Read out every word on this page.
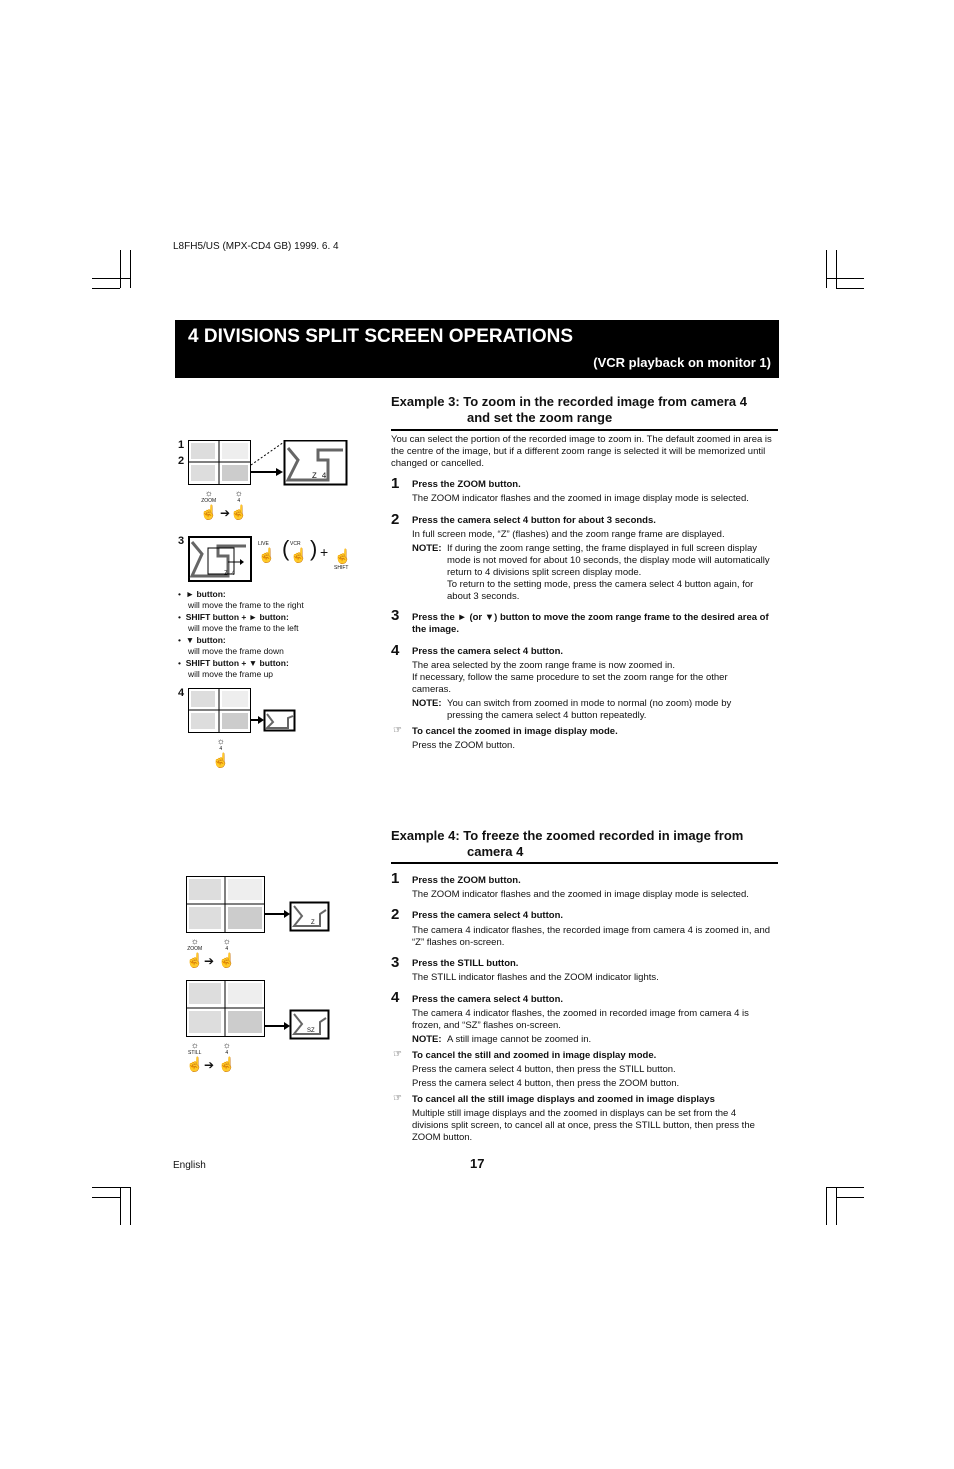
L8FH5/US (MPX-CD4 GB) 1999. 6. 4
4 DIVISIONS SPLIT SCREEN OPERATIONS
(VCR playback on monitor 1)
Example 3: To zoom in the recorded image from camera 4
and set the zoom range
You can select the portion of the recorded image to zoom in. The default zoomed in area is the centre of the image, but if a different zoom range is selected it will be memorized until changed or cancelled.
1 Press the ZOOM button.
The ZOOM indicator flashes and the zoomed in image display mode is selected.
2 Press the camera select 4 button for about 3 seconds.
In full screen mode, “Z” (flashes) and the zoom range frame are displayed.
NOTE: If during the zoom range setting, the frame displayed in full screen display mode is not moved for about 10 seconds, the display mode will automatically return to 4 divisions split screen display mode.
To return to the setting mode, press the camera select 4 button again, for about 3 seconds.
3 Press the ► (or ▼) button to move the zoom range frame to the desired area of the image.
4 Press the camera select 4 button.
The area selected by the zoom range frame is now zoomed in.
If necessary, follow the same procedure to set the zoom range for the other cameras.
NOTE: You can switch from zoomed in mode to normal (no zoom) mode by pressing the camera select 4 button repeatedly.
☞ To cancel the zoomed in image display mode.
Press the ZOOM button.
Example 4: To freeze the zoomed recorded in image from
camera 4
1 Press the ZOOM button.
The ZOOM indicator flashes and the zoomed in image display mode is selected.
2 Press the camera select 4 button.
The camera 4 indicator flashes, the recorded image from camera 4 is zoomed in, and “Z” flashes on-screen.
3 Press the STILL button.
The STILL indicator flashes and the ZOOM indicator lights.
4 Press the camera select 4 button.
The camera 4 indicator flashes, the zoomed in recorded image from camera 4 is frozen, and “SZ” flashes on-screen.
NOTE: A still image cannot be zoomed in.
☞ To cancel the still and zoomed in image display mode.
Press the camera select 4 button, then press the STILL button.
Press the camera select 4 button, then press the ZOOM button.
☞ To cancel all the still image displays and zoomed in image displays
Multiple still image displays and the zoomed in displays can be set from the 4 divisions split screen, to cancel all at once, press the STILL button, then press the ZOOM button.
1
2
Z 4
☼
ZOOM
☝ ➔
☼
4
☝
3
Z 4
LIVE
☝ ( VCR
☝ ) + ☝
SHIFT
•  ► button:
will move the frame to the right
•  SHIFT button + ► button:
will move the frame to the left
•  ▼ button:
will move the frame down
•  SHIFT button + ▼ button:
will move the frame up
4
☼
4
☝
Z
☼
ZOOM
☝ ➔
☼
4
☝
SZ
☼
STILL
☝ ➔
☼
4
☝
English	17
